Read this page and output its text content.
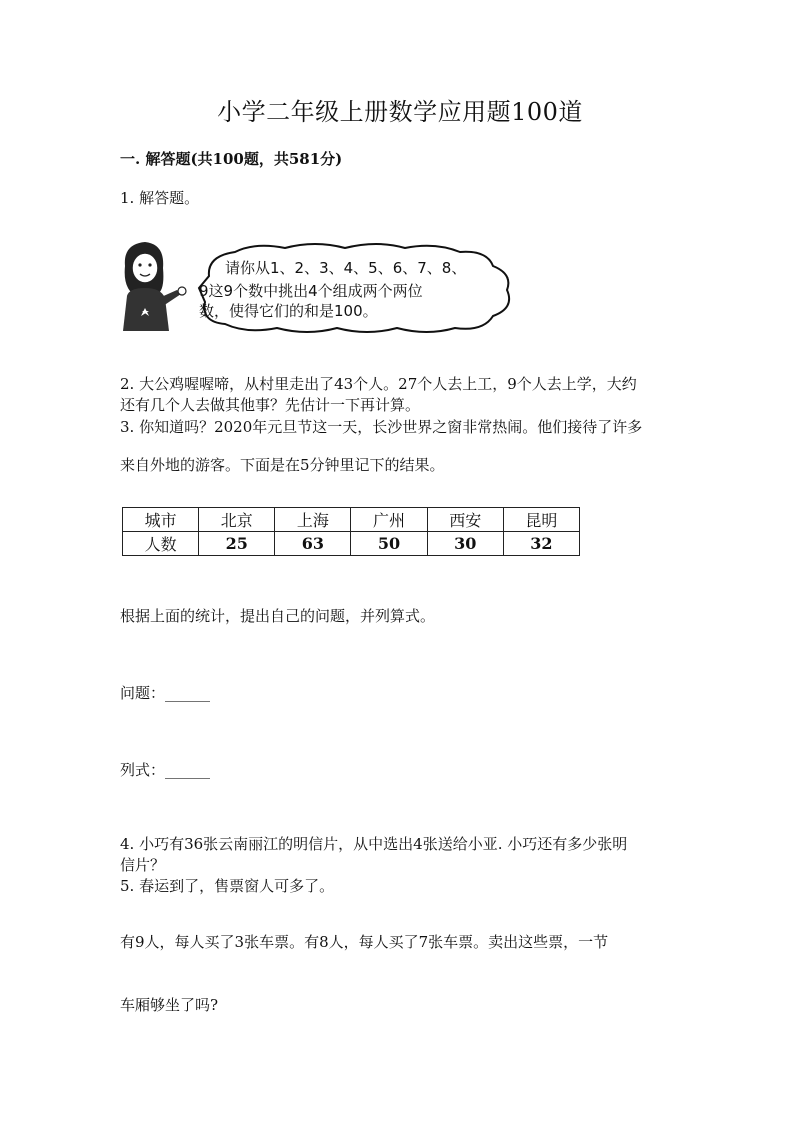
小学二年级上册数学应用题100道
一. 解答题(共100题，共581分)
1. 解答题。
请你从1、2、3、4、5、6、7、8、
9这9个数中挑出4个组成两个两位
数，使得它们的和是100。
2. 大公鸡喔喔啼，从村里走出了43个人。27个人去上工，9个人去上学，大约
还有几个人去做其他事？先估计一下再计算。
3. 你知道吗？2020年元旦节这一天，长沙世界之窗非常热闹。他们接待了许多
来自外地的游客。下面是在5分钟里记下的结果。
城市	北京	上海	广州	西安	昆明
人数	25	63	50	30	32
根据上面的统计，提出自己的问题，并列算式。
问题：______
列式：______
4. 小巧有36张云南丽江的明信片，从中选出4张送给小亚. 小巧还有多少张明
信片？
5. 春运到了，售票窗人可多了。
有9人，每人买了3张车票。有8人，每人买了7张车票。卖出这些票，一节
车厢够坐了吗?
